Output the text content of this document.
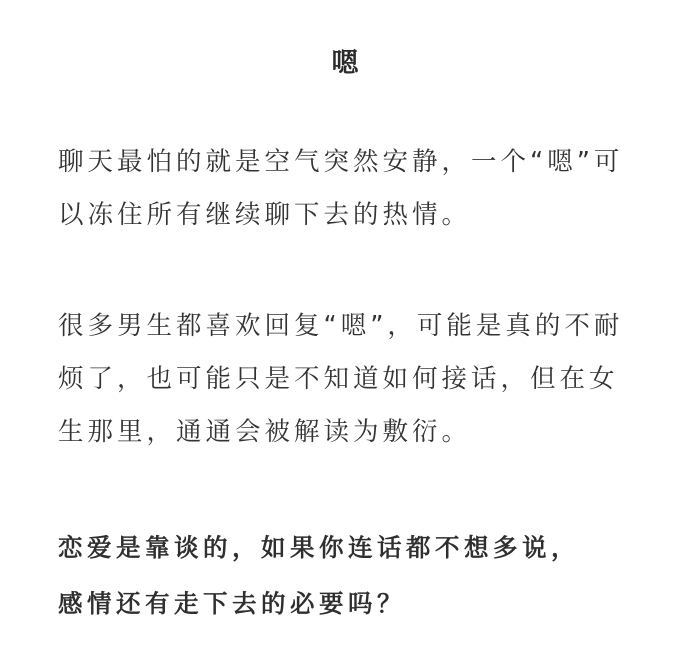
嗯

聊天最怕的就是空气突然安静，一个“嗯”可
以冻住所有继续聊下去的热情。

很多男生都喜欢回复“嗯”，可能是真的不耐
烦了，也可能只是不知道如何接话，但在女
生那里，通通会被解读为敷衍。

恋爱是靠谈的，如果你连话都不想多说，
感情还有走下去的必要吗？
